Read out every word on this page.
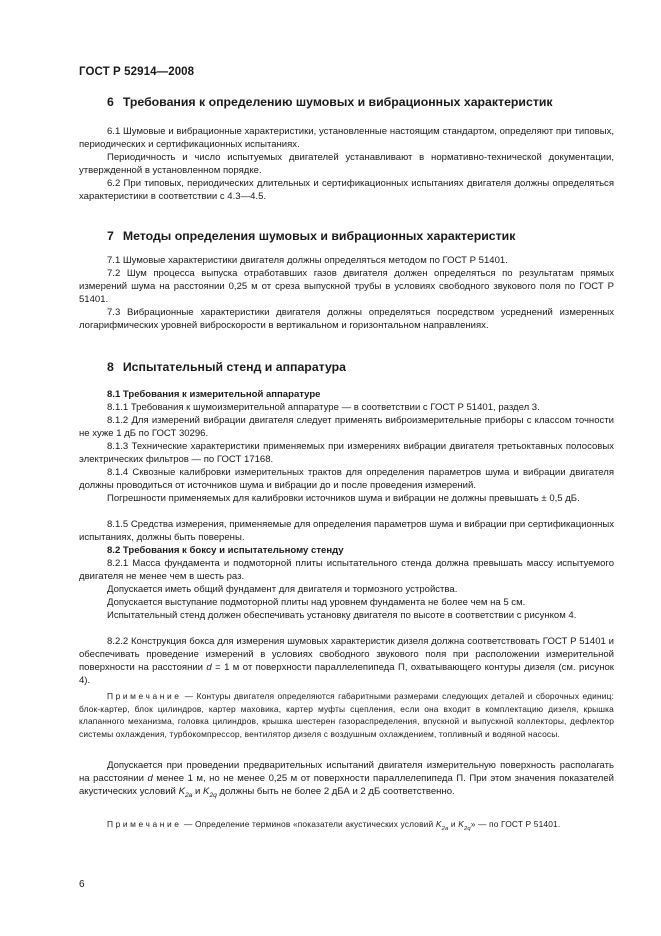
ГОСТ Р 52914—2008
6 Требования к определению шумовых и вибрационных характеристик
6.1 Шумовые и вибрационные характеристики, установленные настоящим стандартом, определяют при типовых, периодических и сертификационных испытаниях.
Периодичность и число испытуемых двигателей устанавливают в нормативно-технической документации, утвержденной в установленном порядке.
6.2 При типовых, периодических длительных и сертификационных испытаниях двигателя должны определяться характеристики в соответствии с 4.3—4.5.
7 Методы определения шумовых и вибрационных характеристик
7.1 Шумовые характеристики двигателя должны определяться методом по ГОСТ Р 51401.
7.2 Шум процесса выпуска отработавших газов двигателя должен определяться по результатам прямых измерений шума на расстоянии 0,25 м от среза выпускной трубы в условиях свободного звукового поля по ГОСТ Р 51401.
7.3 Вибрационные характеристики двигателя должны определяться посредством усреднений измеренных логарифмических уровней виброскорости в вертикальном и горизонтальном направлениях.
8 Испытательный стенд и аппаратура
8.1 Требования к измерительной аппаратуре
8.1.1 Требования к шумоизмерительной аппаратуре — в соответствии с ГОСТ Р 51401, раздел 3.
8.1.2 Для измерений вибрации двигателя следует применять виброизмерительные приборы с классом точности не хуже 1 дБ по ГОСТ 30296.
8.1.3 Технические характеристики применяемых при измерениях вибрации двигателя третьоктавных полосовых электрических фильтров — по ГОСТ 17168.
8.1.4 Сквозные калибровки измерительных трактов для определения параметров шума и вибрации двигателя должны проводиться от источников шума и вибрации до и после проведения измерений.
Погрешности применяемых для калибровки источников шума и вибрации не должны превышать ± 0,5 дБ.
8.1.5 Средства измерения, применяемые для определения параметров шума и вибрации при сертификационных испытаниях, должны быть поверены.
8.2 Требования к боксу и испытательному стенду
8.2.1 Масса фундамента и подмоторной плиты испытательного стенда должна превышать массу испытуемого двигателя не менее чем в шесть раз.
Допускается иметь общий фундамент для двигателя и тормозного устройства.
Допускается выступание подмоторной плиты над уровнем фундамента не более чем на 5 см.
Испытательный стенд должен обеспечивать установку двигателя по высоте в соответствии с рисунком 4.
8.2.2 Конструкция бокса для измерения шумовых характеристик дизеля должна соответствовать ГОСТ Р 51401 и обеспечивать проведение измерений в условиях свободного звукового поля при расположении измерительной поверхности на расстоянии d = 1 м от поверхности параллелепипеда П, охватывающего контуры дизеля (см. рисунок 4).
Примечание — Контуры двигателя определяются габаритными размерами следующих деталей и сборочных единиц: блок-картер, блок цилиндров, картер маховика, картер муфты сцепления, если она входит в комплектацию дизеля, крышка клапанного механизма, головка цилиндров, крышка шестерен газораспределения, впускной и выпускной коллекторы, дефлектор системы охлаждения, турбокомпрессор, вентилятор дизеля с воздушным охлаждением, топливный и водяной насосы.
Допускается при проведении предварительных испытаний двигателя измерительную поверхность располагать на расстоянии d менее 1 м, но не менее 0,25 м от поверхности параллелепипеда П. При этом значения показателей акустических условий $K_{2a}$ и $K_{2q}$ должны быть не более 2 дБА и 2 дБ соответственно.
Примечание — Определение терминов «показатели акустических условий $K_{2a}$ и $K_{2q}$» — по ГОСТ Р 51401.
6
